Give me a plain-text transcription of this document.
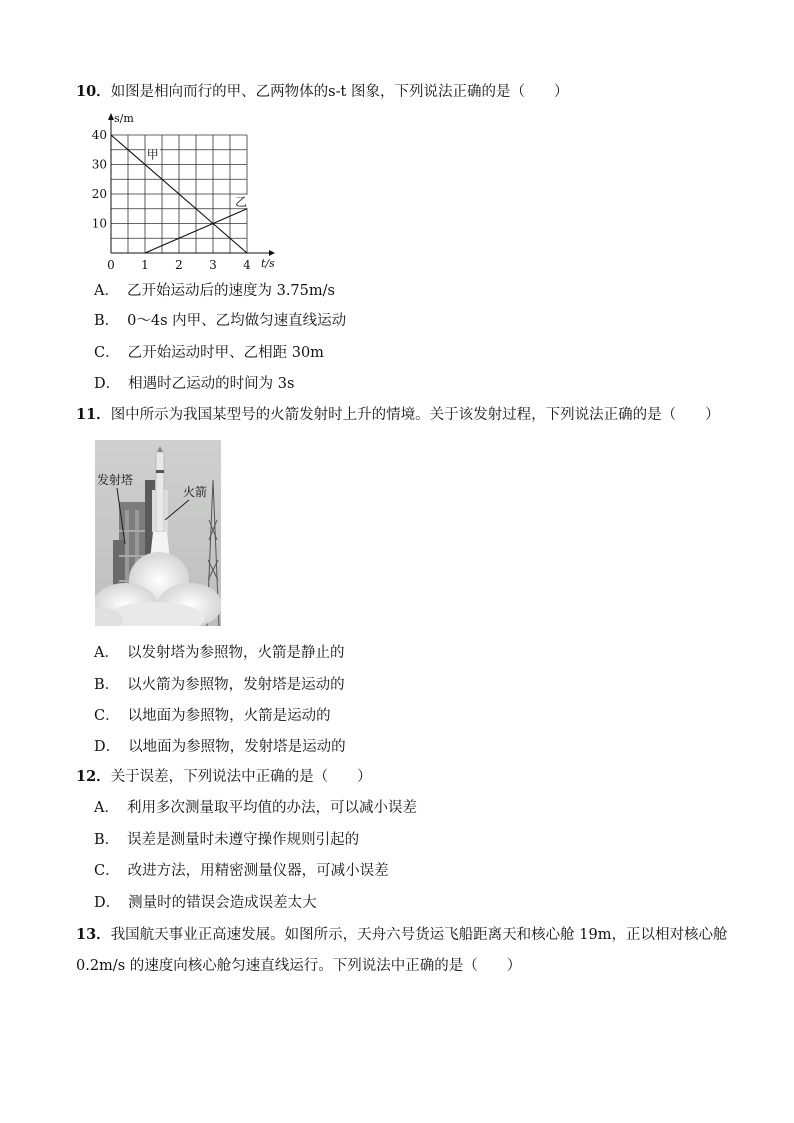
10．如图是相向而行的甲、乙两物体的s-t 图象，下列说法正确的是（　　）
t/s
s/m
0 1 2 3 4
10
20
30
40
甲
乙
A． 乙开始运动后的速度为 3.75m/s
B． 0～4s 内甲、乙均做匀速直线运动
C． 乙开始运动时甲、乙相距 30m
D． 相遇时乙运动的时间为 3s
11．图中所示为我国某型号的火箭发射时上升的情境。关于该发射过程，下列说法正确的是（　　）
发射塔
火箭
A． 以发射塔为参照物，火箭是静止的
B． 以火箭为参照物，发射塔是运动的
C． 以地面为参照物，火箭是运动的
D． 以地面为参照物，发射塔是运动的
12．关于误差，下列说法中正确的是（　　）
A． 利用多次测量取平均值的办法，可以减小误差
B． 误差是测量时未遵守操作规则引起的
C． 改进方法，用精密测量仪器，可减小误差
D． 测量时的错误会造成误差太大
13．我国航天事业正高速发展。如图所示，天舟六号货运飞船距离天和核心舱 19m，正以相对核心舱
0.2m/s 的速度向核心舱匀速直线运行。下列说法中正确的是（　　）
